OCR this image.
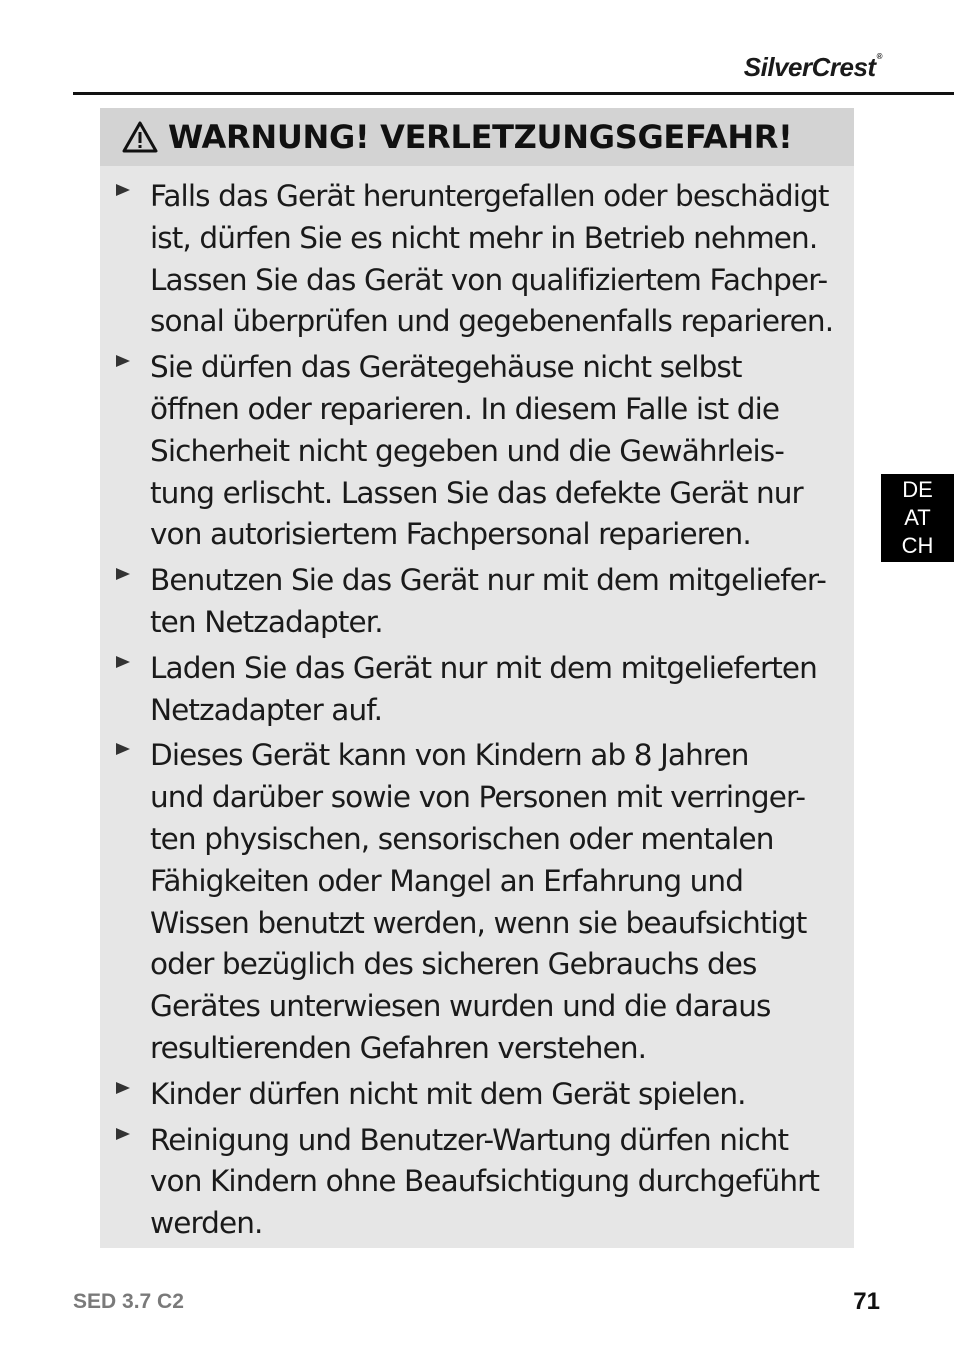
SilverCrest®
WARNUNG! VERLETZUNGSGEFAHR!
Falls das Gerät heruntergefallen oder beschädigt
ist, dürfen Sie es nicht mehr in Betrieb nehmen.
Lassen Sie das Gerät von qualifiziertem Fachper-
sonal überprüfen und gegebenenfalls reparieren.
Sie dürfen das Gerätegehäuse nicht selbst
öffnen oder reparieren. In diesem Falle ist die
Sicherheit nicht gegeben und die Gewährleis-
tung erlischt. Lassen Sie das defekte Gerät nur
von autorisiertem Fachpersonal reparieren.
Benutzen Sie das Gerät nur mit dem mitgeliefer-
ten Netzadapter.
Laden Sie das Gerät nur mit dem mitgelieferten
Netzadapter auf.
Dieses Gerät kann von Kindern ab 8 Jahren
und darüber sowie von Personen mit verringer-
ten physischen, sensorischen oder mentalen
Fähigkeiten oder Mangel an Erfahrung und
Wissen benutzt werden, wenn sie beaufsichtigt
oder bezüglich des sicheren Gebrauchs des
Gerätes unterwiesen wurden und die daraus
resultierenden Gefahren verstehen.
Kinder dürfen nicht mit dem Gerät spielen.
Reinigung und Benutzer-Wartung dürfen nicht
von Kindern ohne Beaufsichtigung durchgeführt
werden.
DE
AT
CH
SED 3.7 C2	71
